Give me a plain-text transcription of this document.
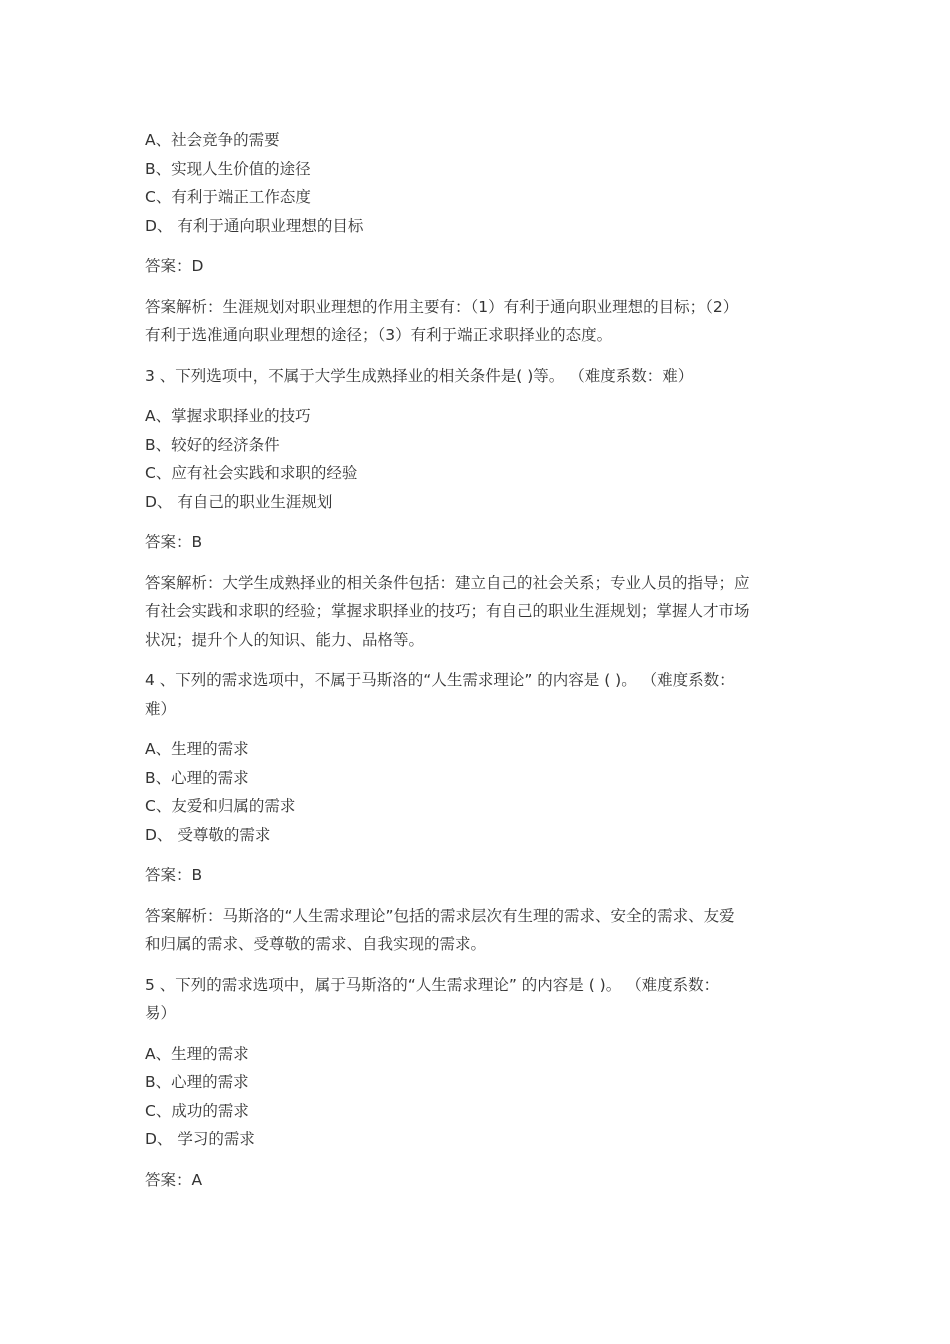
A、社会竞争的需要

B、实现人生价值的途径

C、有利于端正工作态度

D、 有利于通向职业理想的目标

答案：D

答案解析：生涯规划对职业理想的作用主要有：（1）有利于通向职业理想的目标；（2）

有利于选准通向职业理想的途径；（3）有利于端正求职择业的态度。

3 、下列选项中，不属于大学生成熟择业的相关条件是( )等。 （难度系数：难）

A、掌握求职择业的技巧

B、较好的经济条件

C、应有社会实践和求职的经验

D、 有自己的职业生涯规划

答案：B

答案解析：大学生成熟择业的相关条件包括：建立自己的社会关系；专业人员的指导；应

有社会实践和求职的经验；掌握求职择业的技巧；有自己的职业生涯规划；掌握人才市场

状况；提升个人的知识、能力、品格等。

4 、下列的需求选项中，不属于马斯洛的“人生需求理论” 的内容是 ( )。 （难度系数：

难）

A、生理的需求

B、心理的需求

C、友爱和归属的需求

D、 受尊敬的需求

答案：B

答案解析：马斯洛的“人生需求理论”包括的需求层次有生理的需求、安全的需求、友爱

和归属的需求、受尊敬的需求、自我实现的需求。

5 、下列的需求选项中，属于马斯洛的“人生需求理论” 的内容是 ( )。 （难度系数：

易）

A、生理的需求

B、心理的需求

C、成功的需求

D、 学习的需求

答案：A
